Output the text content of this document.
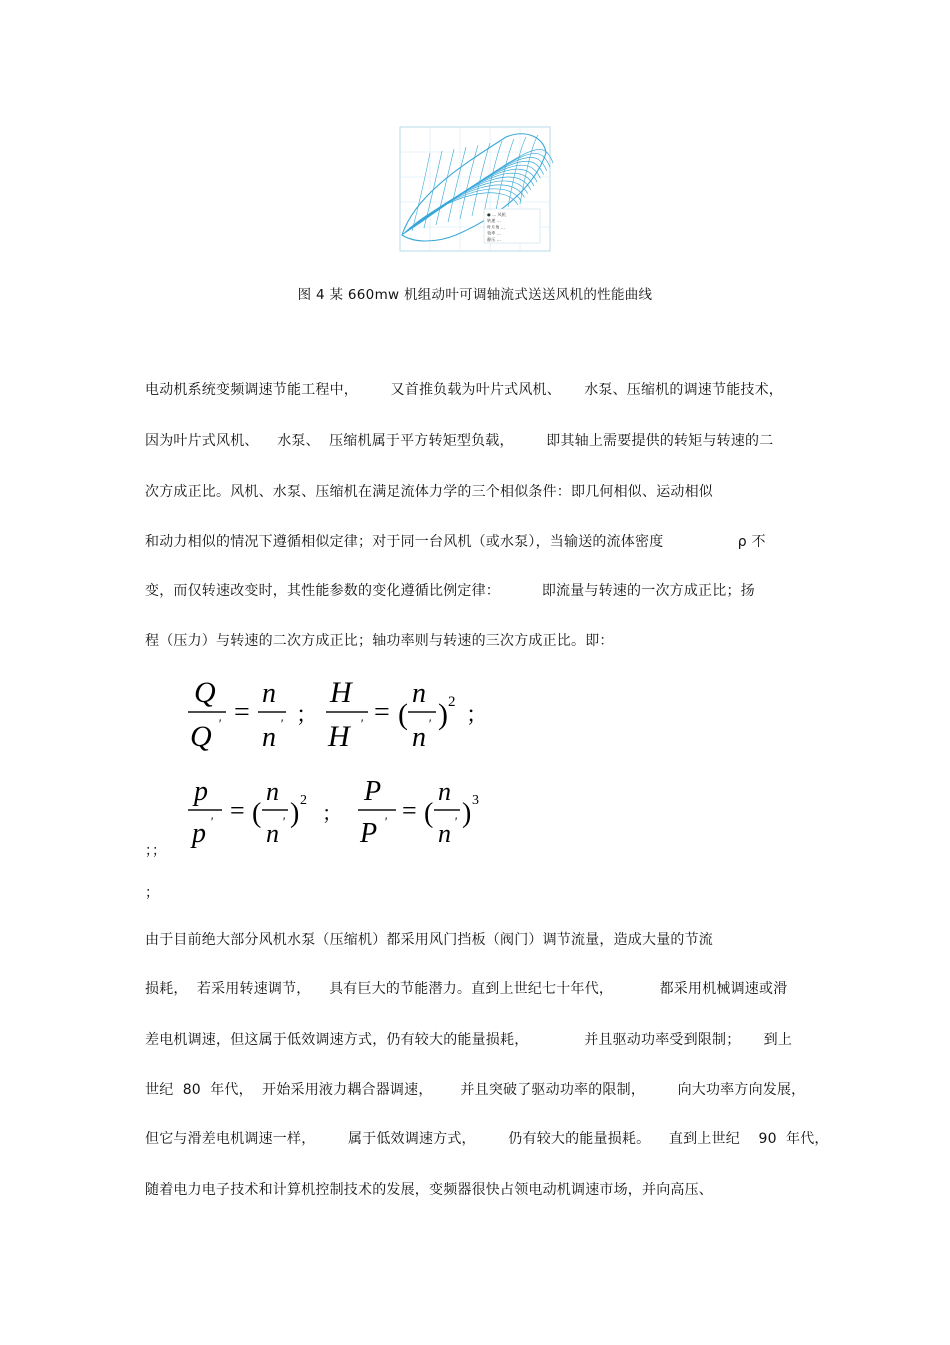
● … 风机
转速 …
叶片角 …
效率 …
静压 …
图 4 某 660mw 机组动叶可调轴流式送送风机的性能曲线
电动机系统变频调速节能工程中，       又首推负载为叶片式风机、     水泵、压缩机的调速节能技术，
因为叶片式风机、    水泵、  压缩机属于平方转矩型负载，       即其轴上需要提供的转矩与转速的二
次方成正比。风机、水泵、压缩机在满足流体力学的三个相似条件：即几何相似、运动相似
和动力相似的情况下遵循相似定律；对于同一台风机（或水泵），当输送的流体密度                ρ 不
变，而仅转速改变时，其性能参数的变化遵循比例定律：         即流量与转速的一次方成正比；扬
程（压力）与转速的二次方成正比；轴功率则与转速的三次方成正比。即：
Q
Q ' =
n
n ' ；
H
H ' = (
n
n ' ) 2 ；
p
p ' = (
n
n ' ) 2
；
P
P ' = (
n
n ' ) 3
；；
；
由于目前绝大部分风机水泵（压缩机）都采用风门挡板（阀门）调节流量，造成大量的节流
损耗，  若采用转速调节，    具有巨大的节能潜力。直到上世纪七十年代，          都采用机械调速或滑
差电机调速，但这属于低效调速方式，仍有较大的能量损耗，            并且驱动功率受到限制；     到上
世纪  80  年代，  开始采用液力耦合器调速，      并且突破了驱动功率的限制，       向大功率方向发展，
但它与滑差电机调速一样，       属于低效调速方式，       仍有较大的能量损耗。    直到上世纪    90  年代，
随着电力电子技术和计算机控制技术的发展，变频器很快占领电动机调速市场，并向高压、
